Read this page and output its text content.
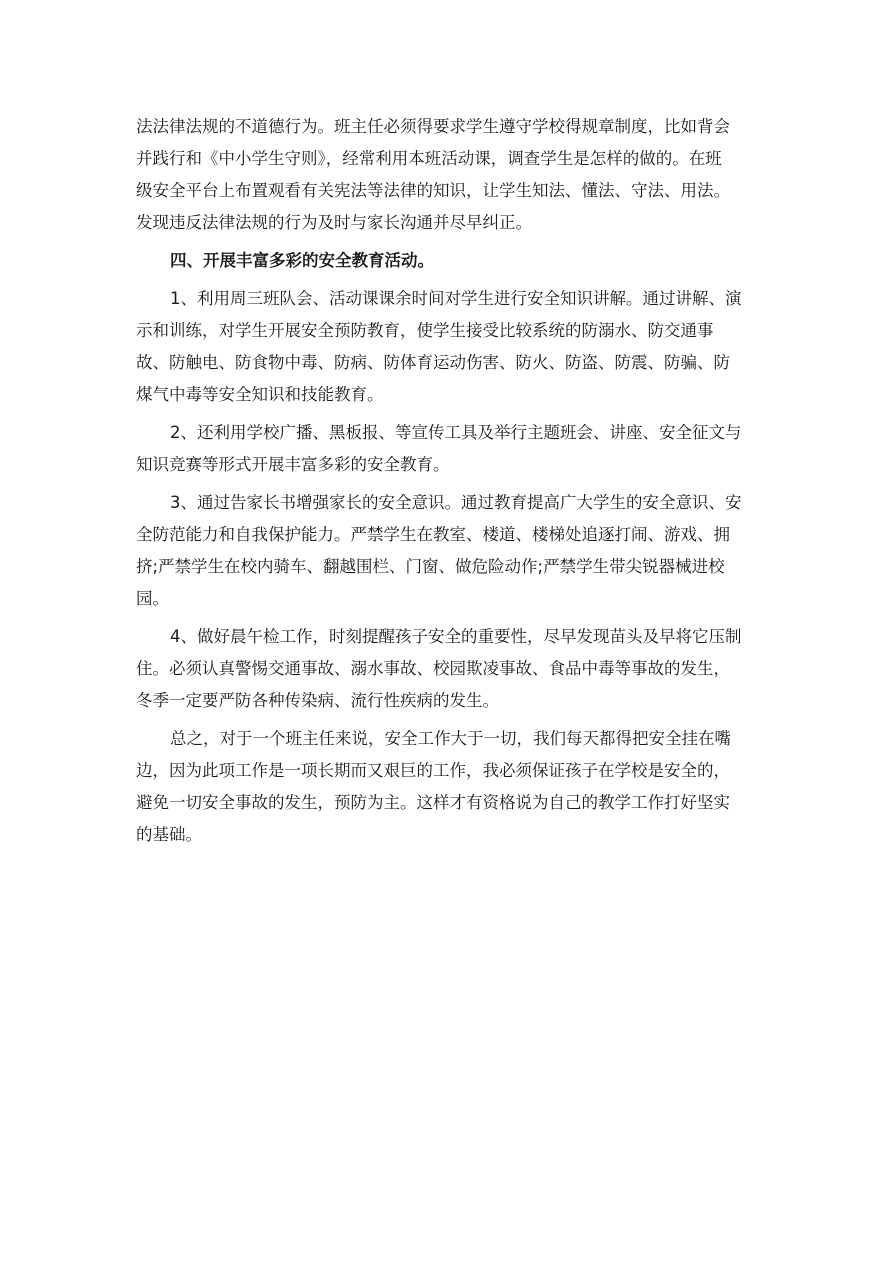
法法律法规的不道德行为。班主任必须得要求学生遵守学校得规章制度，比如背会
并践行和《中小学生守则》，经常利用本班活动课，调查学生是怎样的做的。在班
级安全平台上布置观看有关宪法等法律的知识，让学生知法、懂法、守法、用法。
发现违反法律法规的行为及时与家长沟通并尽早纠正。
四、开展丰富多彩的安全教育活动。
1、利用周三班队会、活动课课余时间对学生进行安全知识讲解。通过讲解、演
示和训练，对学生开展安全预防教育，使学生接受比较系统的防溺水、防交通事
故、防触电、防食物中毒、防病、防体育运动伤害、防火、防盗、防震、防骗、防
煤气中毒等安全知识和技能教育。
2、还利用学校广播、黑板报、等宣传工具及举行主题班会、讲座、安全征文与
知识竞赛等形式开展丰富多彩的安全教育。
3、通过告家长书增强家长的安全意识。通过教育提高广大学生的安全意识、安
全防范能力和自我保护能力。严禁学生在教室、楼道、楼梯处追逐打闹、游戏、拥
挤;严禁学生在校内骑车、翻越围栏、门窗、做危险动作;严禁学生带尖锐器械进校
园。
4、做好晨午检工作，时刻提醒孩子安全的重要性，尽早发现苗头及早将它压制
住。必须认真警惕交通事故、溺水事故、校园欺凌事故、食品中毒等事故的发生，
冬季一定要严防各种传染病、流行性疾病的发生。
总之，对于一个班主任来说，安全工作大于一切，我们每天都得把安全挂在嘴
边，因为此项工作是一项长期而又艰巨的工作，我必须保证孩子在学校是安全的，
避免一切安全事故的发生，预防为主。这样才有资格说为自己的教学工作打好坚实
的基础。
